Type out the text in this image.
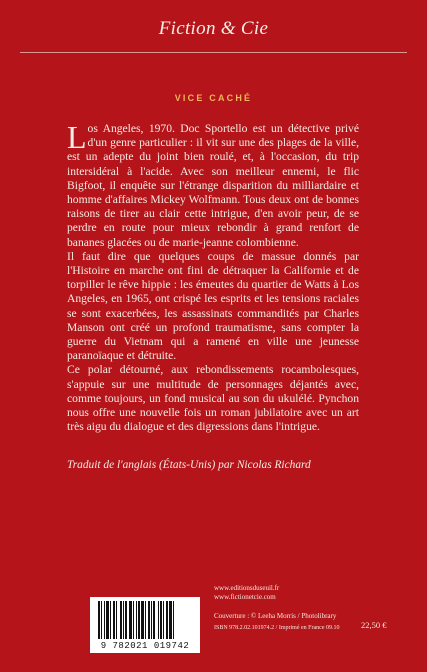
Fiction & Cie
VICE CACHÉ

Los Angeles, 1970. Doc Sportello est un détective privé d'un genre particulier : il vit sur une des plages de la ville, est un adepte du joint bien roulé, et, à l'occasion, du trip intersidéral à l'acide. Avec son meilleur ennemi, le flic Bigfoot, il enquête sur l'étrange disparition du milliardaire et homme d'affaires Mickey Wolfmann. Tous deux ont de bonnes raisons de tirer au clair cette intrigue, d'en avoir peur, de se perdre en route pour mieux rebondir à grand renfort de bananes glacées ou de marie-jeanne colombienne.

Il faut dire que quelques coups de massue donnés par l'Histoire en marche ont fini de détraquer la Californie et de torpiller le rêve hippie : les émeutes du quartier de Watts à Los Angeles, en 1965, ont crispé les esprits et les tensions raciales se sont exacerbées, les assassinats commandités par Charles Manson ont créé un profond traumatisme, sans compter la guerre du Vietnam qui a ramené en ville une jeunesse paranoïaque et détruite.

Ce polar détourné, aux rebondissements rocambolesques, s'appuie sur une multitude de personnages déjantés avec, comme toujours, un fond musical au son du ukulélé. Pynchon nous offre une nouvelle fois un roman jubilatoire avec un art très aigu du dialogue et des digressions dans l'intrigue.

Traduit de l'anglais (États-Unis) par Nicolas Richard
9 782021 019742
www.editionsduseuil.fr
www.fictionetcie.com
Couverture : © Leeha Morris / Photolibrary
ISBN 978.2.02.101974.2 / Imprimé en France 09.10	22,50 €
